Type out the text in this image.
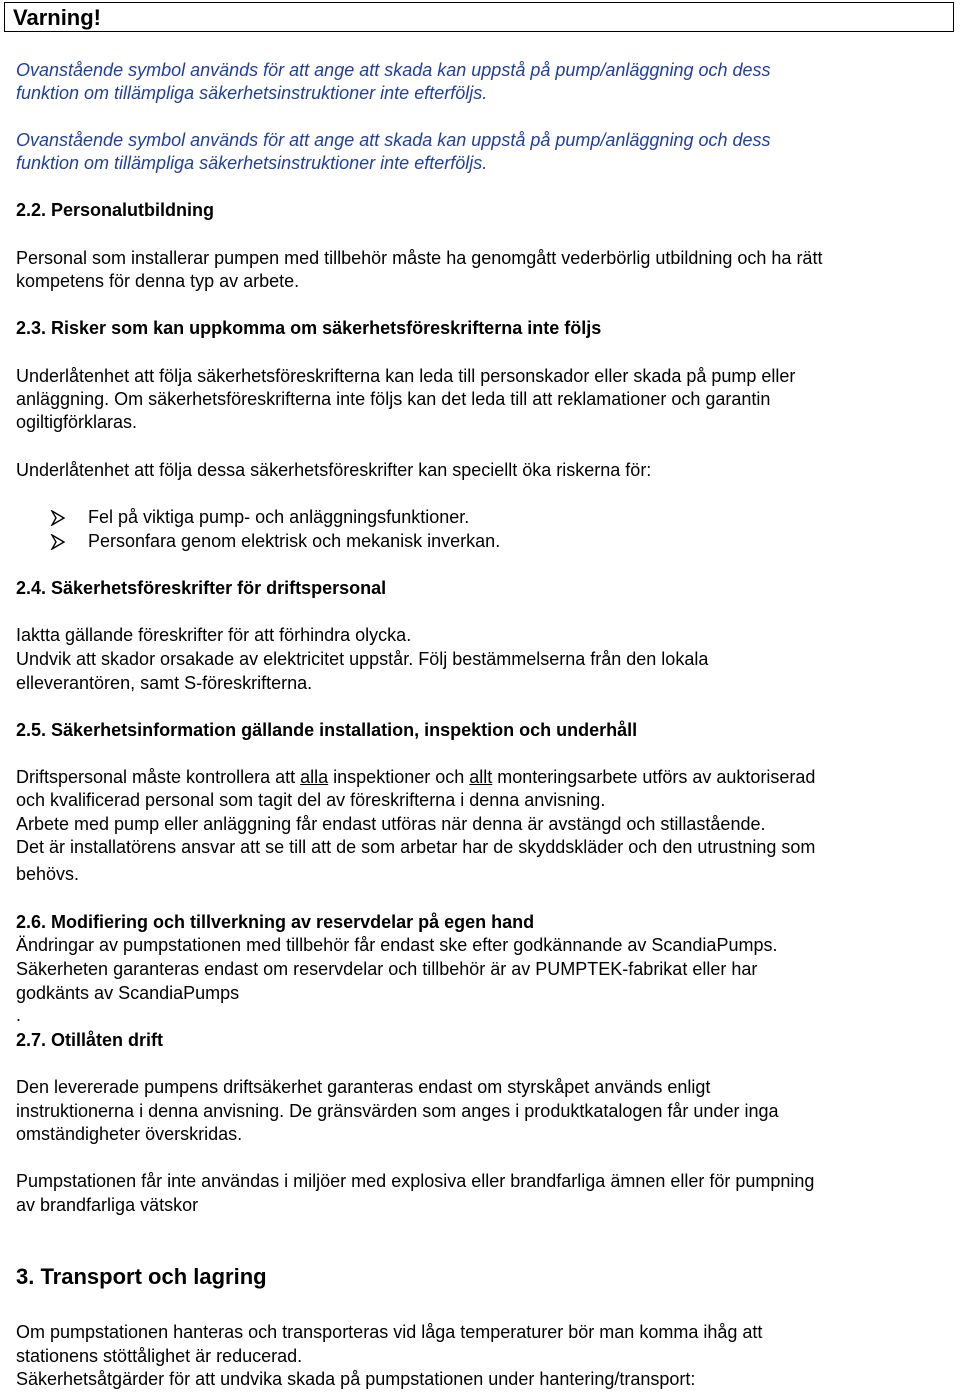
Varning!
Ovanstående symbol används för att ange att skada kan uppstå på pump/anläggning och dess
funktion om tillämpliga säkerhetsinstruktioner inte efterföljs.
Ovanstående symbol används för att ange att skada kan uppstå på pump/anläggning och dess
funktion om tillämpliga säkerhetsinstruktioner inte efterföljs.
2.2. Personalutbildning
Personal som installerar pumpen med tillbehör måste ha genomgått vederbörlig utbildning och ha rätt
kompetens för denna typ av arbete.
2.3. Risker som kan uppkomma om säkerhetsföreskrifterna inte följs
Underlåtenhet att följa säkerhetsföreskrifterna kan leda till personskador eller skada på pump eller
anläggning. Om säkerhetsföreskrifterna inte följs kan det leda till att reklamationer och garantin
ogiltigförklaras.
Underlåtenhet att följa dessa säkerhetsföreskrifter kan speciellt öka riskerna för:
Fel på viktiga pump- och anläggningsfunktioner.
Personfara genom elektrisk och mekanisk inverkan.
2.4. Säkerhetsföreskrifter för driftspersonal
Iaktta gällande föreskrifter för att förhindra olycka.
Undvik att skador orsakade av elektricitet uppstår. Följ bestämmelserna från den lokala
elleverantören, samt S-föreskrifterna.
2.5. Säkerhetsinformation gällande installation, inspektion och underhåll
Driftspersonal måste kontrollera att alla inspektioner och allt monteringsarbete utförs av auktoriserad
och kvalificerad personal som tagit del av föreskrifterna i denna anvisning.
Arbete med pump eller anläggning får endast utföras när denna är avstängd och stillastående.
Det är installatörens ansvar att se till att de som arbetar har de skyddskläder och den utrustning som
behövs.
2.6. Modifiering och tillverkning av reservdelar på egen hand
Ändringar av pumpstationen med tillbehör får endast ske efter godkännande av ScandiaPumps.
Säkerheten garanteras endast om reservdelar och tillbehör är av PUMPTEK-fabrikat eller har
godkänts av ScandiaPumps
.
2.7. Otillåten drift
Den levererade pumpens driftsäkerhet garanteras endast om styrskåpet används enligt
instruktionerna i denna anvisning. De gränsvärden som anges i produktkatalogen får under inga
omständigheter överskridas.
Pumpstationen får inte användas i miljöer med explosiva eller brandfarliga ämnen eller för pumpning
av brandfarliga vätskor
3. Transport och lagring
Om pumpstationen hanteras och transporteras vid låga temperaturer bör man komma ihåg att
stationens stöttålighet är reducerad.
Säkerhetsåtgärder för att undvika skada på pumpstationen under hantering/transport:
